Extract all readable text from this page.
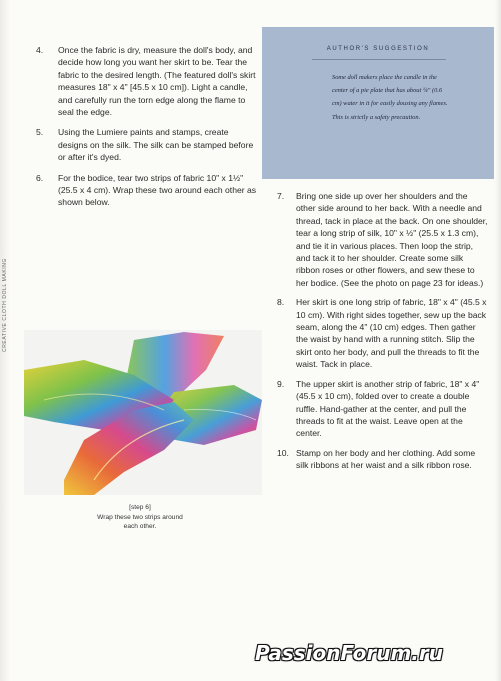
CREATIVE CLOTH DOLL MAKING
4.	Once the fabric is dry, measure the doll's body, and decide how long you want her skirt to be. Tear the fabric to the desired length. (The featured doll's skirt measures 18" x 4" [45.5 x 10 cm]). Light a candle, and carefully run the torn edge along the flame to seal the edge.
5.	Using the Lumiere paints and stamps, create designs on the silk. The silk can be stamped before or after it's dyed.
6.	For the bodice, tear two strips of fabric 10" x 1½" (25.5 x 4 cm). Wrap these two around each other as shown below.
[step 6]
Wrap these two strips around each other.
AUTHOR'S SUGGESTION
Some doll makers place the candle in the center of a pie plate that has about ¼" (0.6 cm) water in it for easily dousing any flames. This is strictly a safety precaution.
7.	Bring one side up over her shoulders and the other side around to her back. With a needle and thread, tack in place at the back. On one shoulder, tear a long strip of silk, 10" x ½" (25.5 x 1.3 cm), and tie it in various places. Then loop the strip, and tack it to her shoulder. Create some silk ribbon roses or other flowers, and sew these to her bodice. (See the photo on page 23 for ideas.)
8.	Her skirt is one long strip of fabric, 18" x 4" (45.5 x 10 cm). With right sides together, sew up the back seam, along the 4" (10 cm) edges. Then gather the waist by hand with a running stitch. Slip the skirt onto her body, and pull the threads to fit the waist. Tack in place.
9.	The upper skirt is another strip of fabric, 18" x 4" (45.5 x 10 cm), folded over to create a double ruffle. Hand-gather at the center, and pull the threads to fit at the waist. Leave open at the center.
10. Stamp on her body and her clothing. Add some silk ribbons at her waist and a silk ribbon rose.
PassionForum.ru
